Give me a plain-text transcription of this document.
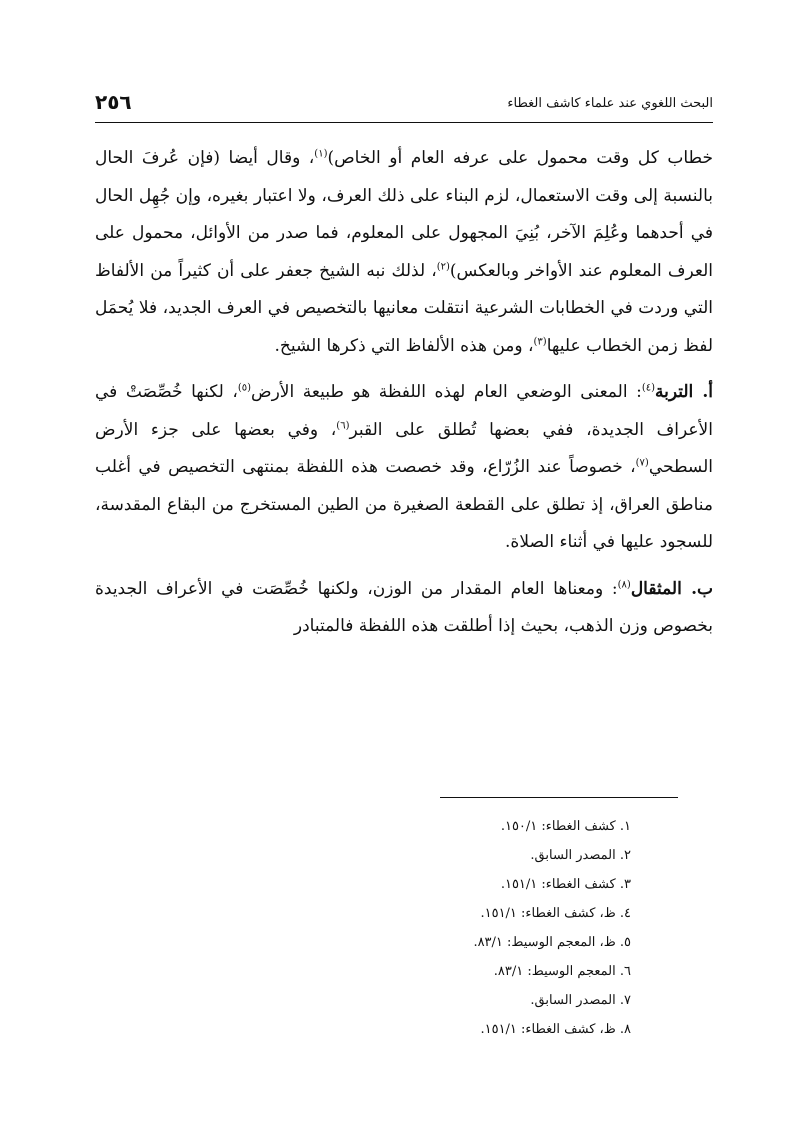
٢٥٦	البحث اللغوي عند علماء كاشف الغطاء

خطاب كل وقت محمول على عرفه العام أو الخاص)$^{(١)}$، وقال أيضا (فإن عُرفَ الحال بالنسبة إلى وقت الاستعمال، لزم البناء على ذلك العرف، ولا اعتبار بغيره، وإن جُهِل الحال في أحدهما وعُلِمَ الآخر، بُنِيَ المجهول على المعلوم، فما صدر من الأوائل، محمول على العرف المعلوم عند الأواخر وبالعكس)$^{(٢)}$، لذلك نبه الشيخ جعفر على أن كثيراً من الألفاظ التي وردت في الخطابات الشرعية انتقلت معانيها بالتخصيص في العرف الجديد، فلا يُحمَل لفظ زمن الخطاب عليها$^{(٣)}$، ومن هذه الألفاظ التي ذكرها الشيخ.

أ. التربة$^{(٤)}$: المعنى الوضعي العام لهذه اللفظة هو طبيعة الأرض$^{(٥)}$، لكنها خُصِّصَتْ في الأعراف الجديدة، ففي بعضها تُطلق على القبر$^{(٦)}$، وفي بعضها على جزء الأرض السطحي$^{(٧)}$، خصوصاً عند الزُرّاع، وقد خصصت هذه اللفظة بمنتهى التخصيص في أغلب مناطق العراق، إذ تطلق على القطعة الصغيرة من الطين المستخرج من البقاع المقدسة، للسجود عليها في أثناء الصلاة.

ب. المثقال$^{(٨)}$: ومعناها العام المقدار من الوزن، ولكنها خُصِّصَت في الأعراف الجديدة بخصوص وزن الذهب، بحيث إذا أطلقت هذه اللفظة فالمتبادر

١. كشف الغطاء: ١٥٠/١.
٢. المصدر السابق.
٣. كشف الغطاء: ١٥١/١.
٤. ظ، كشف الغطاء: ١٥١/١.
٥. ظ، المعجم الوسيط: ٨٣/١.
٦. المعجم الوسيط: ٨٣/١.
٧. المصدر السابق.
٨. ظ، كشف الغطاء: ١٥١/١.
